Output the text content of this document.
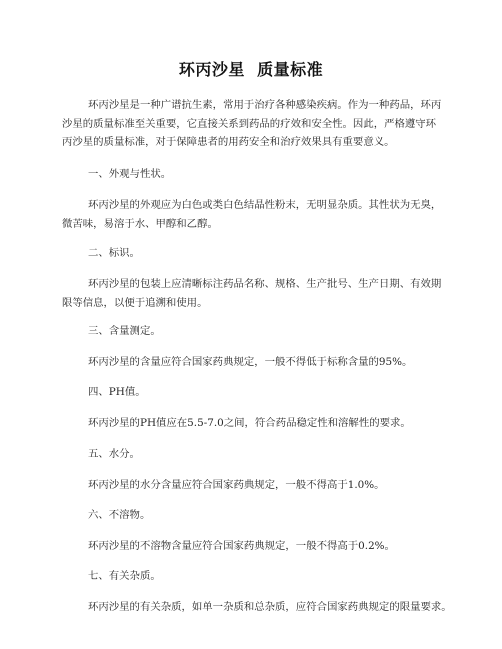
环丙沙星  质量标准

环丙沙星是一种广谱抗生素，常用于治疗各种感染疾病。作为一种药品，环丙
沙星的质量标准至关重要，它直接关系到药品的疗效和安全性。因此，严格遵守环
丙沙星的质量标准，对于保障患者的用药安全和治疗效果具有重要意义。

一、外观与性状。

环丙沙星的外观应为白色或类白色结晶性粉末，无明显杂质。其性状为无臭，
微苦味，易溶于水、甲醇和乙醇。

二、标识。

环丙沙星的包装上应清晰标注药品名称、规格、生产批号、生产日期、有效期
限等信息，以便于追溯和使用。

三、含量测定。

环丙沙星的含量应符合国家药典规定，一般不得低于标称含量的95%。

四、PH值。

环丙沙星的PH值应在5.5-7.0之间，符合药品稳定性和溶解性的要求。

五、水分。

环丙沙星的水分含量应符合国家药典规定，一般不得高于1.0%。

六、不溶物。

环丙沙星的不溶物含量应符合国家药典规定，一般不得高于0.2%。

七、有关杂质。

环丙沙星的有关杂质，如单一杂质和总杂质，应符合国家药典规定的限量要求。
